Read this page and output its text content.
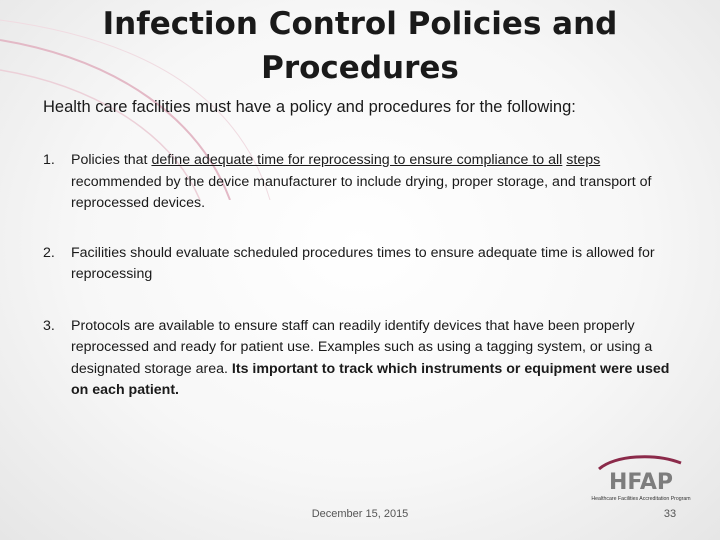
Infection Control Policies and
Procedures
Health care facilities must have a policy and procedures for the following:
1. Policies that define adequate time for reprocessing to ensure compliance to all steps recommended by the device manufacturer to include drying, proper storage, and transport of reprocessed devices.
2. Facilities should evaluate scheduled procedures times to ensure adequate time is allowed for reprocessing
3. Protocols are available to ensure staff can readily identify devices that have been properly reprocessed and ready for patient use. Examples such as using a tagging system, or using a designated storage area. Its important to track which instruments or equipment were used on each patient.
HFAP
Healthcare Facilities Accreditation Program
December 15, 2015	33
